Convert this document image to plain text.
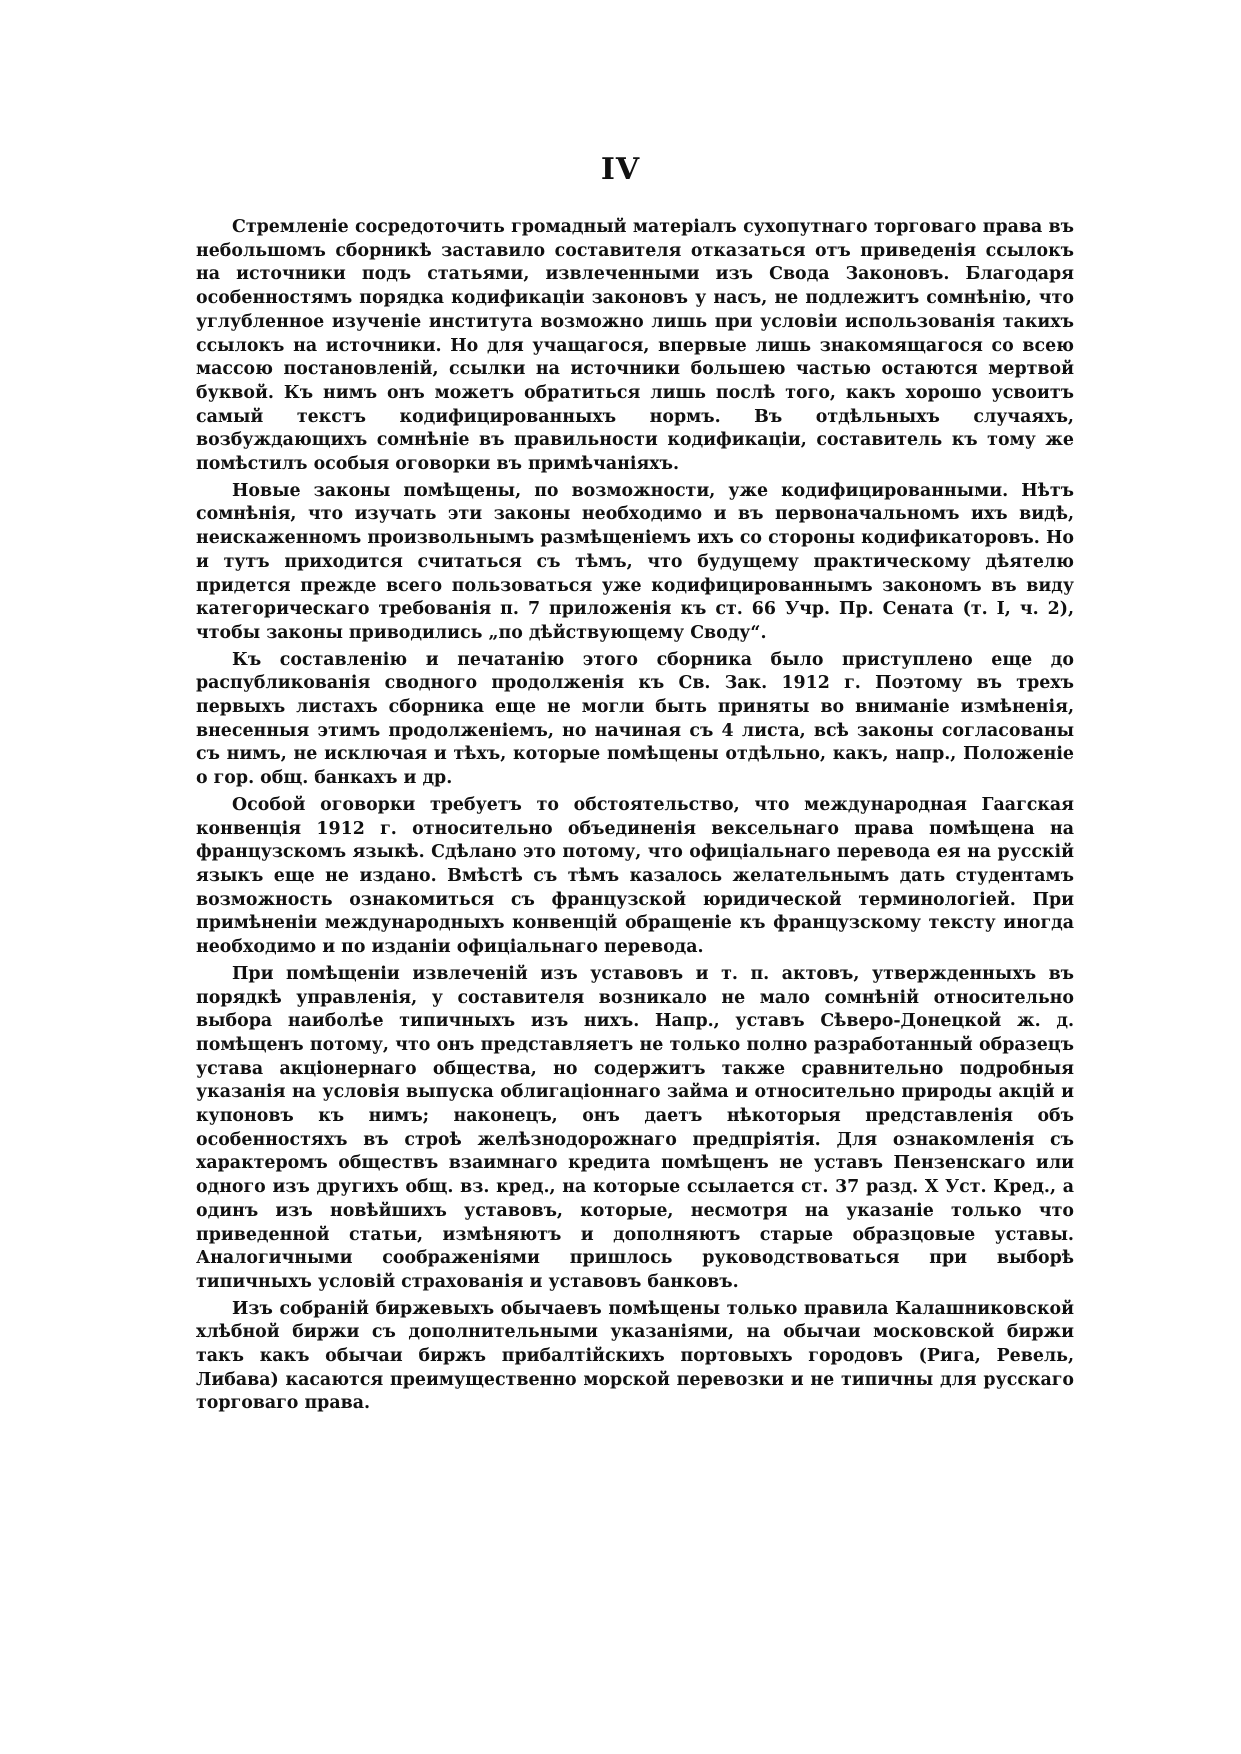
IV

Стремленіе сосредоточить громадный матеріалъ сухопутнаго торговаго права въ небольшомъ сборникѣ заставило составителя отказаться отъ приведенія ссылокъ на источники подъ статьями, извлеченными изъ Свода Законовъ. Благодаря особенностямъ порядка кодификаціи законовъ у насъ, не подлежитъ сомнѣнію, что углубленное изученіе института возможно лишь при условіи использованія такихъ ссылокъ на источники. Но для учащагося, впервые лишь знакомящагося со всею массою постановленій, ссылки на источники большею частью остаются мертвой буквой. Къ нимъ онъ можетъ обратиться лишь послѣ того, какъ хорошо усвоитъ самый текстъ кодифицированныхъ нормъ. Въ отдѣльныхъ случаяхъ, возбуждающихъ сомнѣніе въ правильности кодификаціи, составитель къ тому же помѣстилъ особыя оговорки въ примѣчаніяхъ.

Новые законы помѣщены, по возможности, уже кодифицированными. Нѣтъ сомнѣнія, что изучать эти законы необходимо и въ первоначальномъ ихъ видѣ, неискаженномъ произвольнымъ размѣщеніемъ ихъ со стороны кодификаторовъ. Но и тутъ приходится считаться съ тѣмъ, что будущему практическому дѣятелю придется прежде всего пользоваться уже кодифицированнымъ закономъ въ виду категорическаго требованія п. 7 приложенія къ ст. 66 Учр. Пр. Сената (т. I, ч. 2), чтобы законы приводились „по дѣйствующему Своду“.

Къ составленію и печатанію этого сборника было приступлено еще до распубликованія сводного продолженія къ Св. Зак. 1912 г. Поэтому въ трехъ первыхъ листахъ сборника еще не могли быть приняты во вниманіе измѣненія, внесенныя этимъ продолженіемъ, но начиная съ 4 листа, всѣ законы согласованы съ нимъ, не исключая и тѣхъ, которые помѣщены отдѣльно, какъ, напр., Положеніе о гор. общ. банкахъ и др.

Особой оговорки требуетъ то обстоятельство, что международная Гаагская конвенція 1912 г. относительно объединенія вексельнаго права помѣщена на французскомъ языкѣ. Сдѣлано это потому, что офиціальнаго перевода ея на русскій языкъ еще не издано. Вмѣстѣ съ тѣмъ казалось желательнымъ дать студентамъ возможность ознакомиться съ французской юридической терминологіей. При примѣненіи международныхъ конвенцій обращеніе къ французскому тексту иногда необходимо и по изданіи офиціальнаго перевода.

При помѣщеніи извлеченій изъ уставовъ и т. п. актовъ, утвержденныхъ въ порядкѣ управленія, у составителя возникало не мало сомнѣній относительно выбора наиболѣе типичныхъ изъ нихъ. Напр., уставъ Сѣверо-Донецкой ж. д. помѣщенъ потому, что онъ представляетъ не только полно разработанный образецъ устава акціонернаго общества, но содержитъ также сравнительно подробныя указанія на условія выпуска облигаціоннаго займа и относительно природы акцій и купоновъ къ нимъ; наконецъ, онъ даетъ нѣкоторыя представленія объ особенностяхъ въ строѣ желѣзнодорожнаго предпріятія. Для ознакомленія съ характеромъ обществъ взаимнаго кредита помѣщенъ не уставъ Пензенскаго или одного изъ другихъ общ. вз. кред., на которые ссылается ст. 37 разд. X Уст. Кред., а одинъ изъ новѣйшихъ уставовъ, которые, несмотря на указаніе только что приведенной статьи, измѣняютъ и дополняютъ старые образцовые уставы. Аналогичными соображеніями пришлось руководствоваться при выборѣ типичныхъ условій страхованія и уставовъ банковъ.

Изъ собраній биржевыхъ обычаевъ помѣщены только правила Калашниковской хлѣбной биржи съ дополнительными указаніями, на обычаи московской биржи такъ какъ обычаи биржъ прибалтійскихъ портовыхъ городовъ (Рига, Ревель, Либава) касаются преимущественно морской перевозки и не типичны для русскаго торговаго права.
